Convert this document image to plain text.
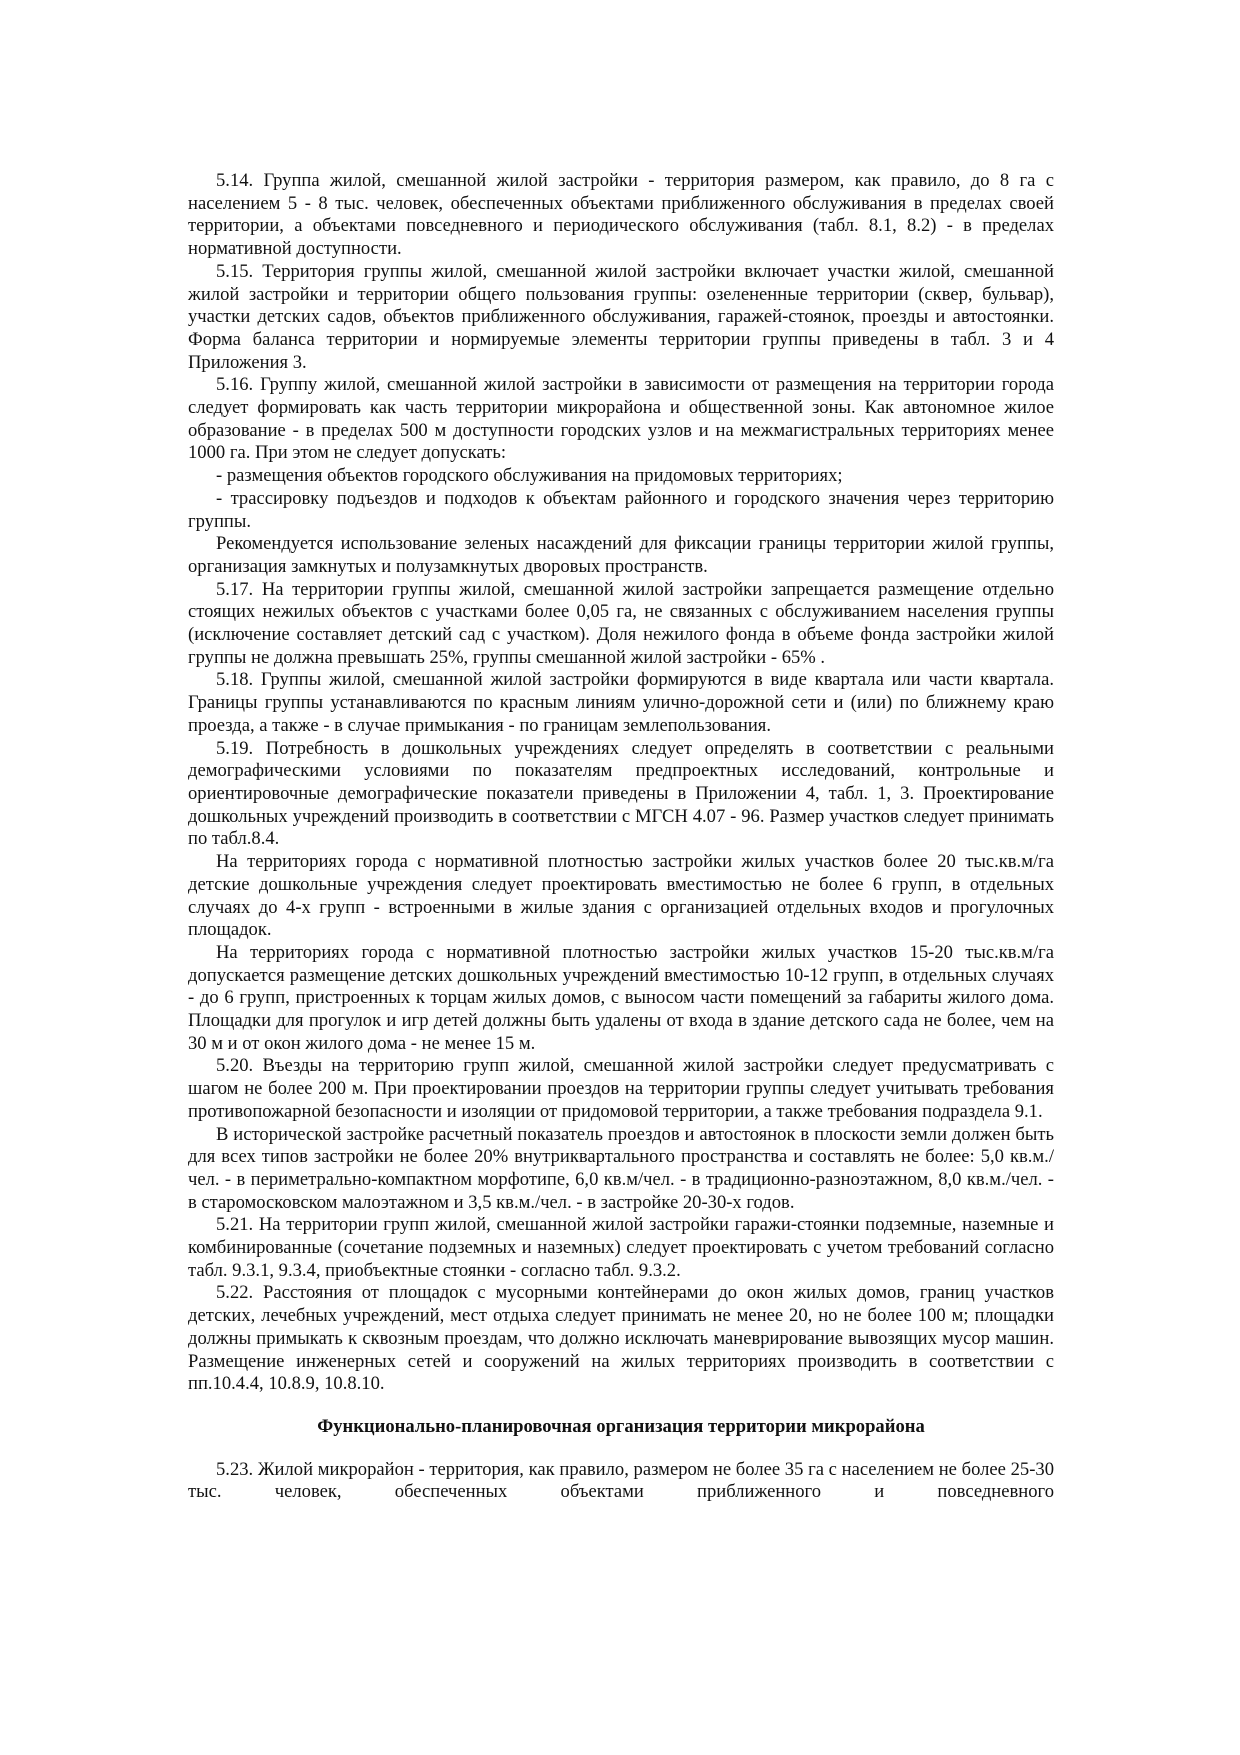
5.14. Группа жилой, смешанной жилой застройки - территория размером, как правило, до 8 га с населением 5 - 8 тыс. человек, обеспеченных объектами приближенного обслуживания в пределах своей территории, а объектами повседневного и периодического обслуживания (табл. 8.1, 8.2) - в пределах нормативной доступности.

5.15. Территория группы жилой, смешанной жилой застройки включает участки жилой, смешанной жилой застройки и территории общего пользования группы: озелененные территории (сквер, бульвар), участки детских садов, объектов приближенного обслуживания, гаражей-стоянок, проезды и автостоянки. Форма баланса территории и нормируемые элементы территории группы приведены в табл. 3 и 4 Приложения 3.

5.16. Группу жилой, смешанной жилой застройки в зависимости от размещения на территории города следует формировать как часть территории микрорайона и общественной зоны. Как автономное жилое образование - в пределах 500 м доступности городских узлов и на межмагистральных территориях менее 1000 га. При этом не следует допускать:

- размещения объектов городского обслуживания на придомовых территориях;

- трассировку подъездов и подходов к объектам районного и городского значения через территорию группы.

Рекомендуется использование зеленых насаждений для фиксации границы территории жилой группы, организация замкнутых и полузамкнутых дворовых пространств.

5.17. На территории группы жилой, смешанной жилой застройки запрещается размещение отдельно стоящих нежилых объектов с участками более 0,05 га, не связанных с обслуживанием населения группы (исключение составляет детский сад с участком). Доля нежилого фонда в объеме фонда застройки жилой группы не должна превышать 25%, группы смешанной жилой застройки - 65% .

5.18. Группы жилой, смешанной жилой застройки формируются в виде квартала или части квартала. Границы группы устанавливаются по красным линиям улично-дорожной сети и (или) по ближнему краю проезда, а также - в случае примыкания - по границам землепользования.

5.19. Потребность в дошкольных учреждениях следует определять в соответствии с реальными демографическими условиями по показателям предпроектных исследований, контрольные и ориентировочные демографические показатели приведены в Приложении 4, табл. 1, 3. Проектирование дошкольных учреждений производить в соответствии с МГСН 4.07 - 96. Размер участков следует принимать по табл.8.4.

На территориях города с нормативной плотностью застройки жилых участков более 20 тыс.кв.м/га детские дошкольные учреждения следует проектировать вместимостью не более 6 групп, в отдельных случаях до 4-х групп - встроенными в жилые здания с организацией отдельных входов и прогулочных площадок.

На территориях города с нормативной плотностью застройки жилых участков 15-20 тыс.кв.м/га допускается размещение детских дошкольных учреждений вместимостью 10-12 групп, в отдельных случаях - до 6 групп, пристроенных к торцам жилых домов, с выносом части помещений за габариты жилого дома. Площадки для прогулок и игр детей должны быть удалены от входа в здание детского сада не более, чем на 30 м и от окон жилого дома - не менее 15 м.

5.20. Въезды на территорию групп жилой, смешанной жилой застройки следует предусматривать с шагом не более 200 м. При проектировании проездов на территории группы следует учитывать требования противопожарной безопасности и изоляции от придомовой территории, а также требования подраздела 9.1.

В исторической застройке расчетный показатель проездов и автостоянок в плоскости земли должен быть для всех типов застройки не более 20% внутриквартального пространства и составлять не более: 5,0 кв.м./чел. - в периметрально-компактном морфотипе, 6,0 кв.м/чел. - в традиционно-разноэтажном, 8,0 кв.м./чел. - в старомосковском малоэтажном и 3,5 кв.м./чел. - в застройке 20-30-х годов.

5.21. На территории групп жилой, смешанной жилой застройки гаражи-стоянки подземные, наземные и комбинированные (сочетание подземных и наземных) следует проектировать с учетом требований согласно табл. 9.3.1, 9.3.4, приобъектные стоянки - согласно табл. 9.3.2.

5.22. Расстояния от площадок с мусорными контейнерами до окон жилых домов, границ участков детских, лечебных учреждений, мест отдыха следует принимать не менее 20, но не более 100 м; площадки должны примыкать к сквозным проездам, что должно исключать маневрирование вывозящих мусор машин. Размещение инженерных сетей и сооружений на жилых территориях производить в соответствии с пп.10.4.4, 10.8.9, 10.8.10.

Функционально-планировочная организация территории микрорайона

5.23. Жилой микрорайон - территория, как правило, размером не более 35 га с населением не более 25-30 тыс. человек, обеспеченных объектами приближенного и повседневного
